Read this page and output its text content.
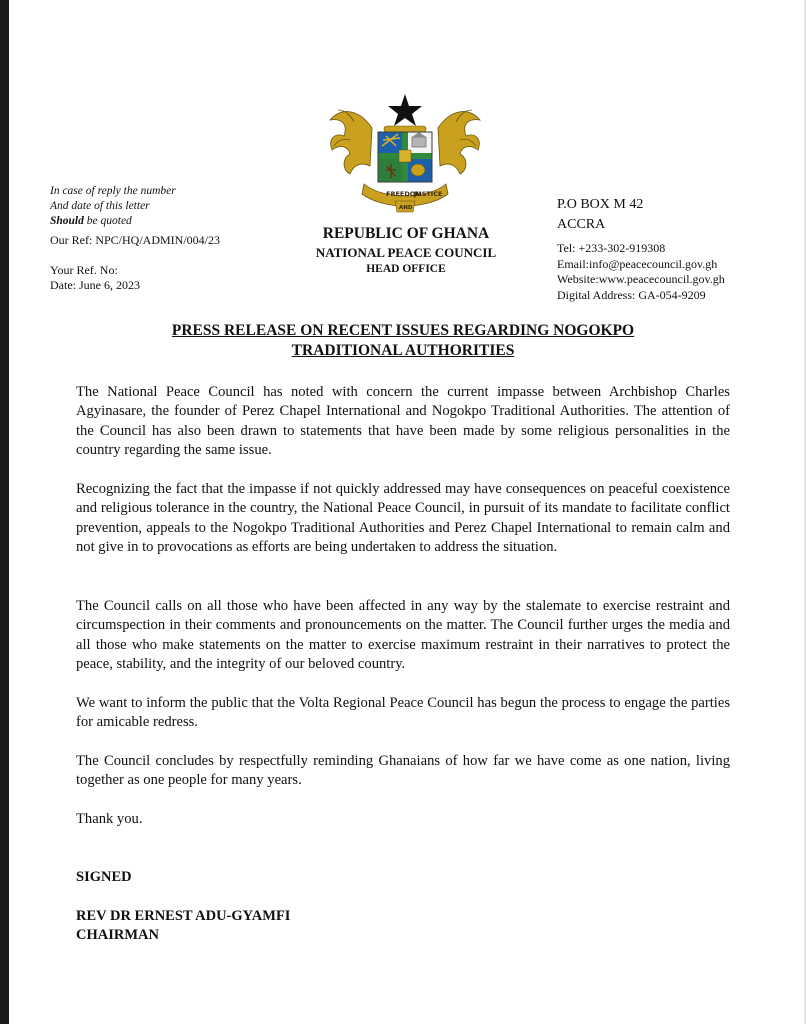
FREEDOM
JUSTICE
AND
In case of reply the number
And date of this letter
Should be quoted
Our Ref: NPC/HQ/ADMIN/004/23
Your Ref. No:
Date: June 6, 2023
REPUBLIC OF GHANA
NATIONAL PEACE COUNCIL
HEAD OFFICE
P.O BOX M 42
ACCRA
Tel: +233-302-919308
Email:info@peacecouncil.gov.gh
Website:www.peacecouncil.gov.gh
Digital Address: GA-054-9209
PRESS RELEASE ON RECENT ISSUES REGARDING NOGOKPO
TRADITIONAL AUTHORITIES

The National Peace Council has noted with concern the current impasse between Archbishop Charles Agyinasare, the founder of Perez Chapel International and Nogokpo Traditional Authorities. The attention of the Council has also been drawn to statements that have been made by some religious personalities in the country regarding the same issue.

Recognizing the fact that the impasse if not quickly addressed may have consequences on peaceful coexistence and religious tolerance in the country, the National Peace Council, in pursuit of its mandate to facilitate conflict prevention, appeals to the Nogokpo Traditional Authorities and Perez Chapel International to remain calm and not give in to provocations as efforts are being undertaken to address the situation.

The Council calls on all those who have been affected in any way by the stalemate to exercise restraint and circumspection in their comments and pronouncements on the matter. The Council further urges the media and all those who make statements on the matter to exercise maximum restraint in their narratives to protect the peace, stability, and the integrity of our beloved country.

We want to inform the public that the Volta Regional Peace Council has begun the process to engage the parties for amicable redress.

The Council concludes by respectfully reminding Ghanaians of how far we have come as one nation, living together as one people for many years.

Thank you.

SIGNED
REV DR ERNEST ADU-GYAMFI
CHAIRMAN
